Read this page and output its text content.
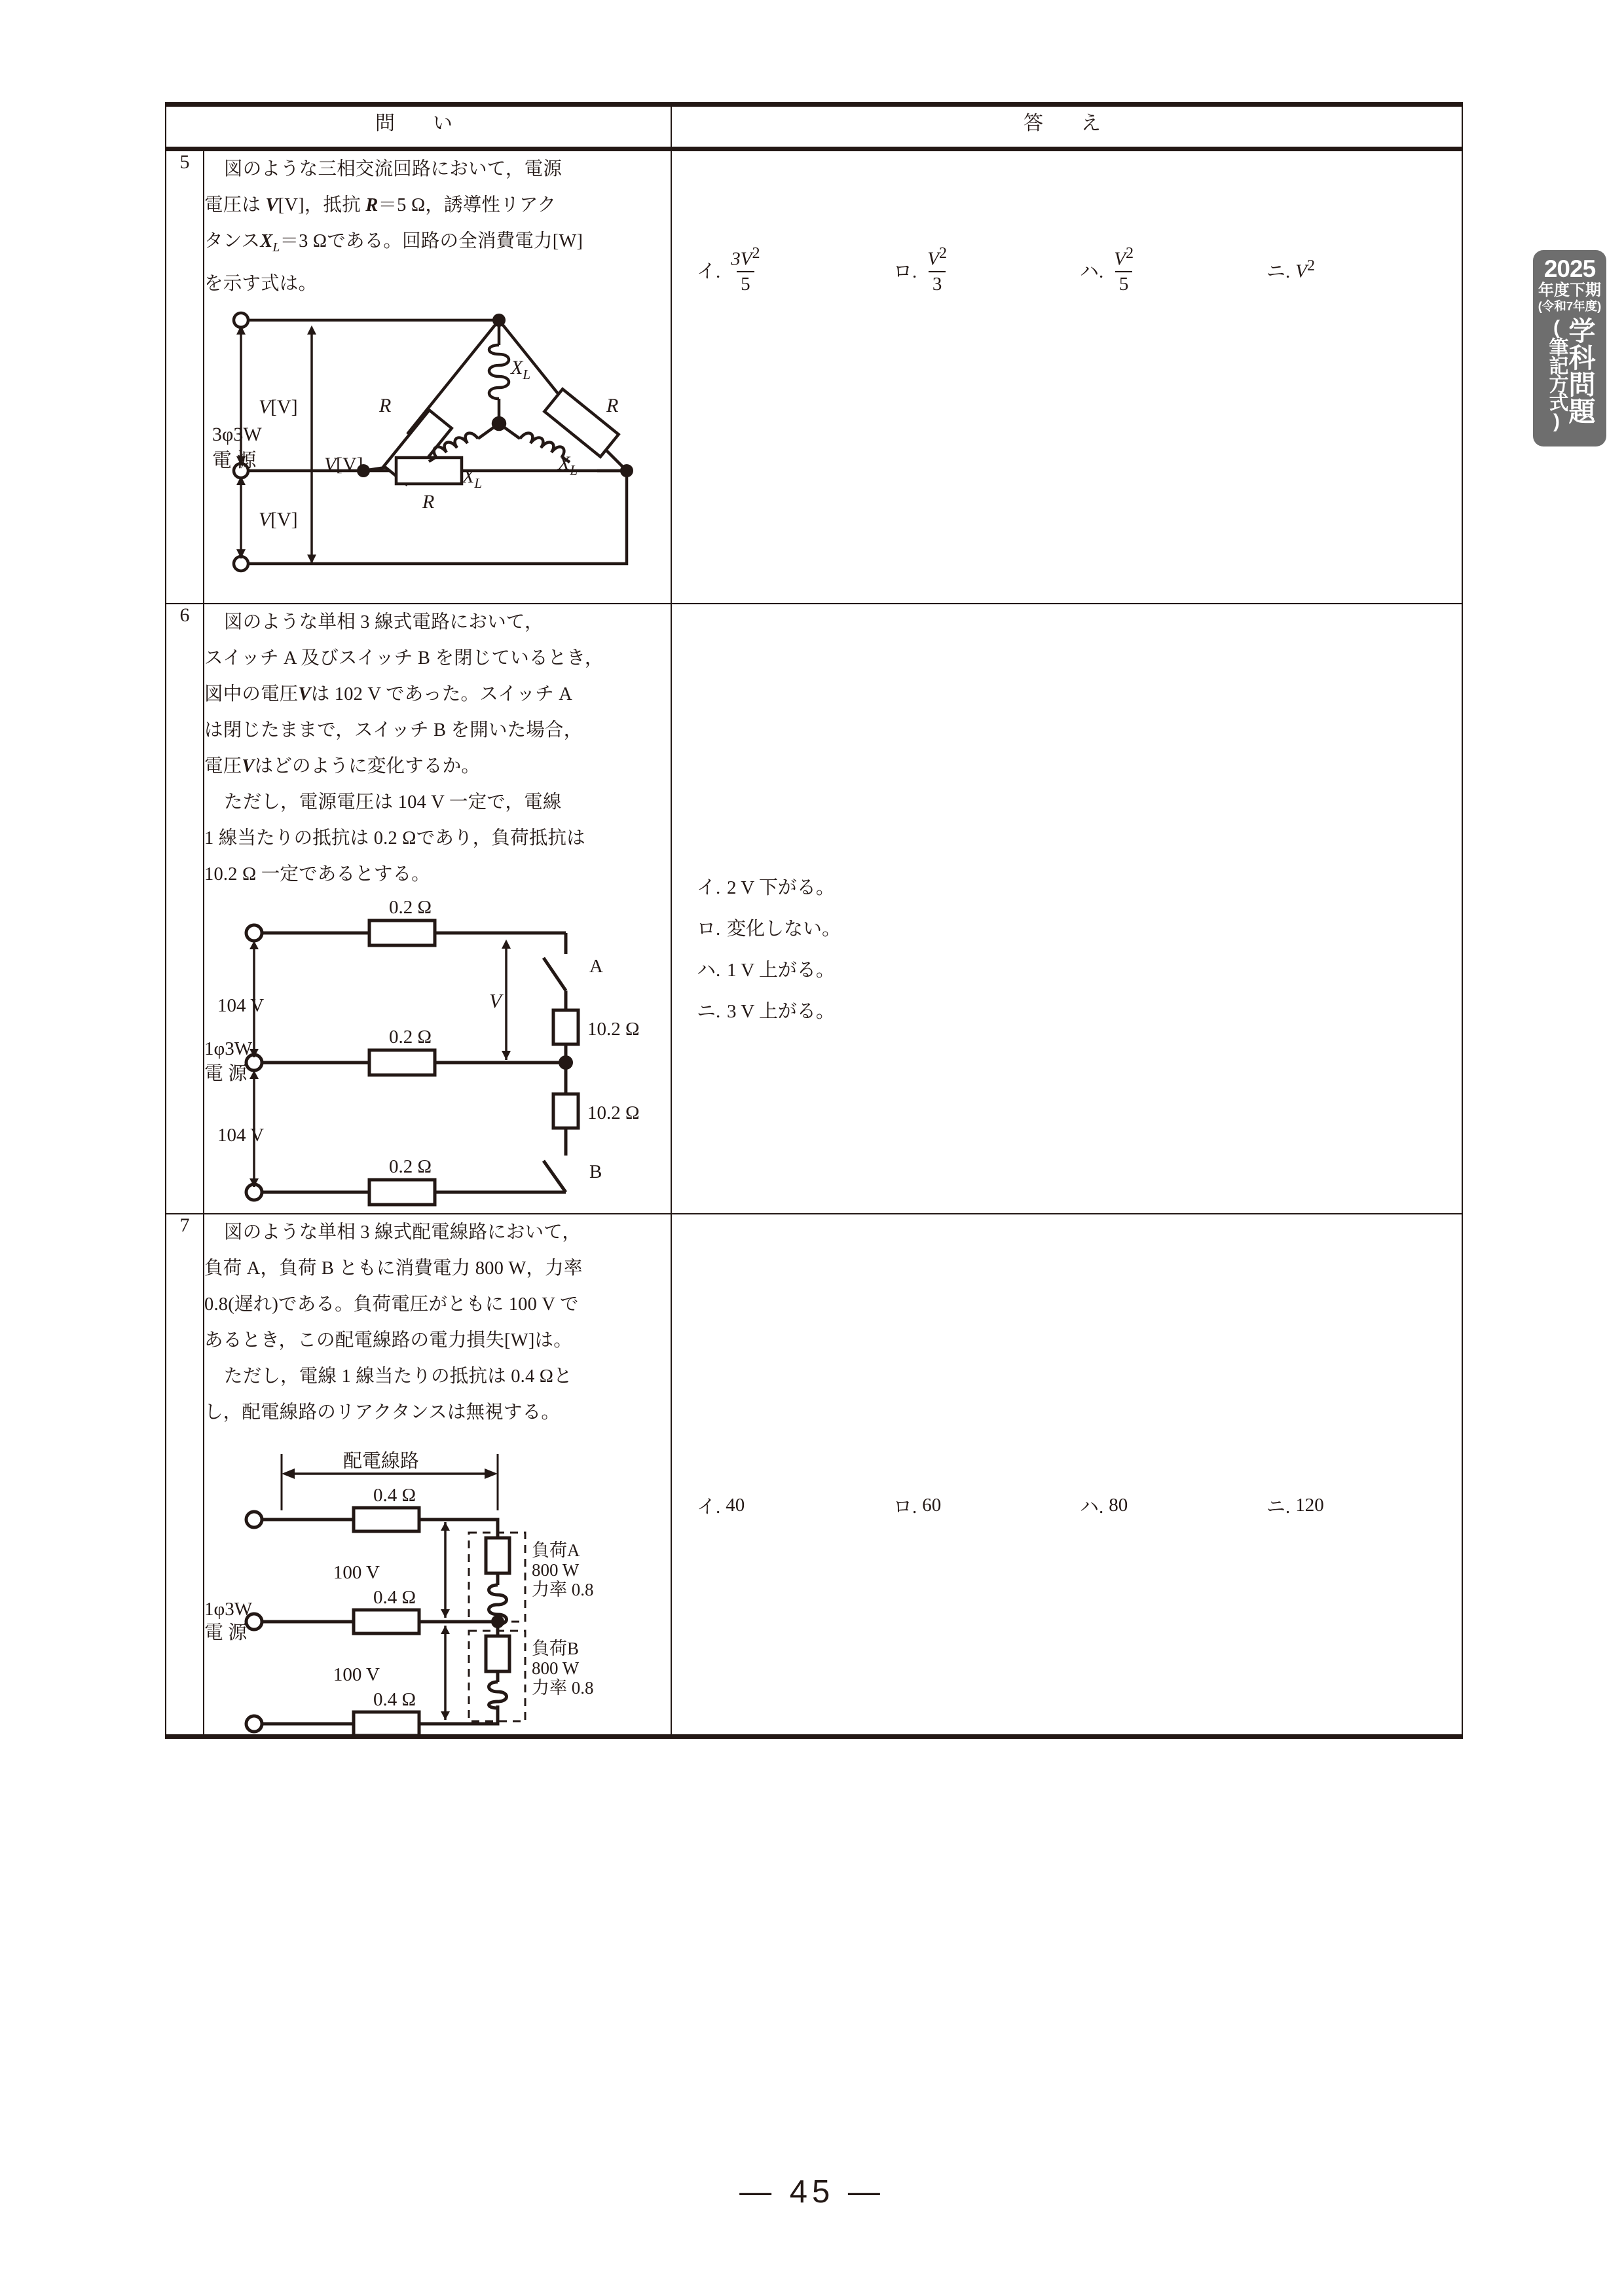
問　い		答　え
5	図のような三相交流回路において，電源

電圧は V[V]，抵抗 R＝5 Ω，誘導性リアク

タンス$X_L=3$ Ωである。回路の全消費電力[W]

を示す式は。

V [V]
V [V]
V [V]
3φ3W
電 源
R	R
R
$X_L$
$X_L$
$X_L$

イ. $\frac{3V^2}{5}$	ロ. $\frac{V^2}{3}$	ハ. $\frac{V^2}{5}$	ニ. $V^2$

6	図のような単相 3 線式電路において，

スイッチ A 及びスイッチ B を閉じているとき，

図中の電圧Vは 102 V であった。スイッチ A

は閉じたままで，スイッチ B を開いた場合，

電圧Vはどのように変化するか。

ただし，電源電圧は 104 V 一定で，電線

1 線当たりの抵抗は 0.2 Ωであり，負荷抵抗は

10.2 Ω 一定であるとする。

0.2 Ω
0.2 Ω
0.2 Ω
104 V
104 V
1φ3W
電 源
V
A
B
10.2 Ω
10.2 Ω

イ. 2 V 下がる。
ロ. 変化しない。
ハ. 1 V 上がる。
ニ. 3 V 上がる。

7	図のような単相 3 線式配電線路において，

負荷 A，負荷 B ともに消費電力 800 W，力率

0.8(遅れ)である。負荷電圧がともに 100 V で

あるとき，この配電線路の電力損失[W]は。

ただし，電線 1 線当たりの抵抗は 0.4 Ωと

し，配電線路のリアクタンスは無視する。

配電線路
0.4 Ω
0.4 Ω
0.4 Ω
100 V
100 V
1φ3W
電 源
負荷A
800 W
力率 0.8
負荷B
800 W
力率 0.8

イ. 40	ロ. 60	ハ. 80	ニ. 120
2025
年度下期
(令和7年度)
学科問題
(筆記方式)
— 45 —
